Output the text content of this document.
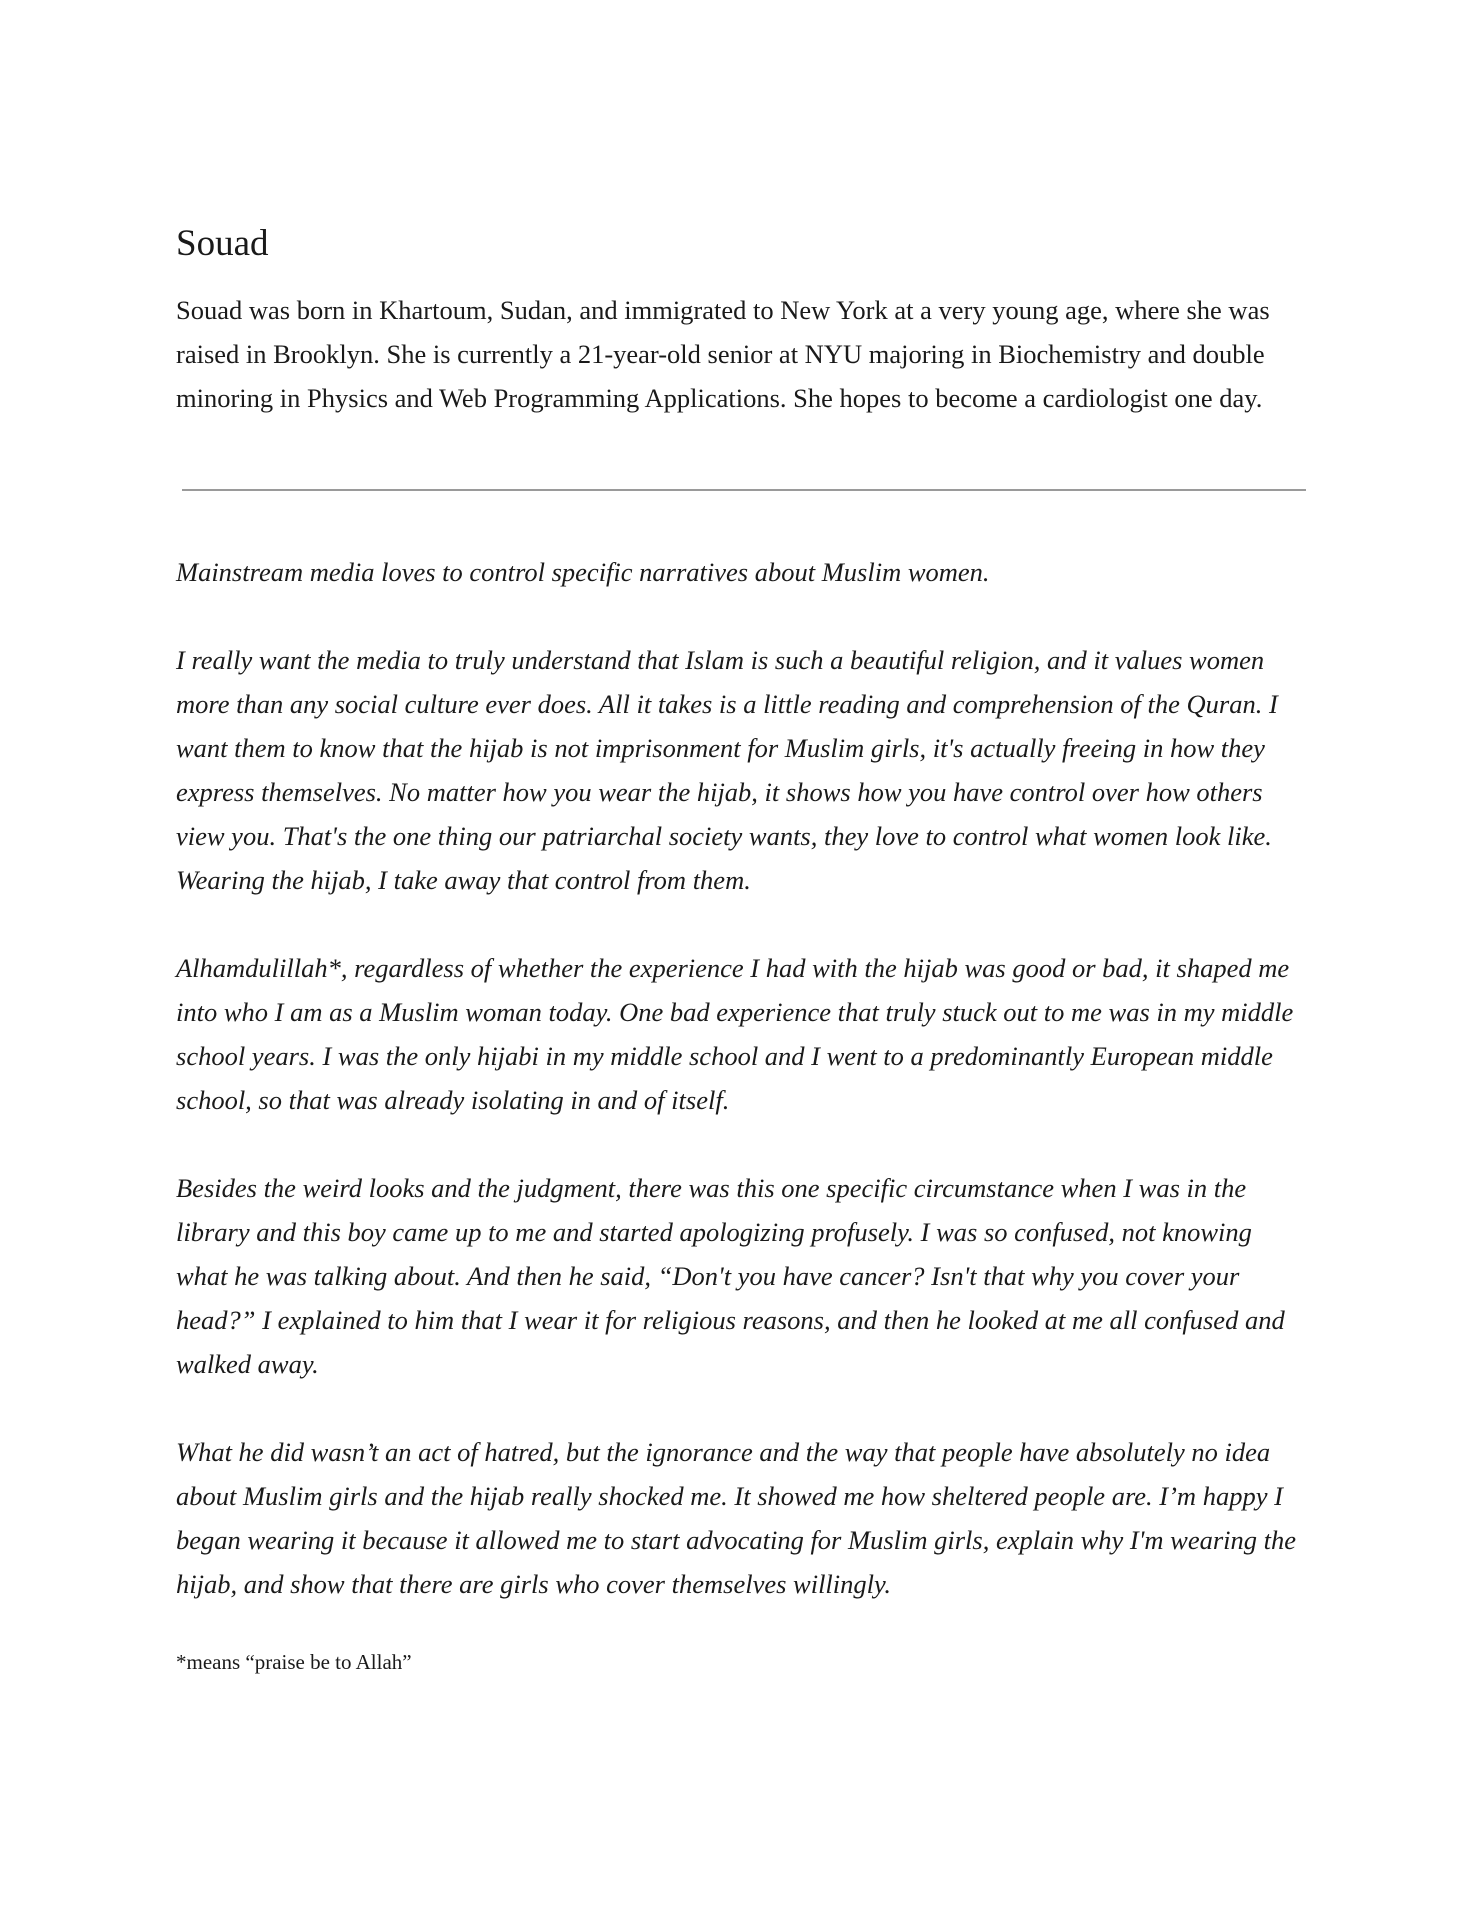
Souad

Souad was born in Khartoum, Sudan, and immigrated to New York at a very young age, where she was raised in Brooklyn. She is currently a 21-year-old senior at NYU majoring in Biochemistry and double minoring in Physics and Web Programming Applications. She hopes to become a cardiologist one day.

Mainstream media loves to control specific narratives about Muslim women.

I really want the media to truly understand that Islam is such a beautiful religion, and it values women more than any social culture ever does. All it takes is a little reading and comprehension of the Quran. I want them to know that the hijab is not imprisonment for Muslim girls, it's actually freeing in how they express themselves. No matter how you wear the hijab, it shows how you have control over how others view you. That's the one thing our patriarchal society wants, they love to control what women look like. Wearing the hijab, I take away that control from them.

Alhamdulillah*, regardless of whether the experience I had with the hijab was good or bad, it shaped me into who I am as a Muslim woman today. One bad experience that truly stuck out to me was in my middle school years. I was the only hijabi in my middle school and I went to a predominantly European middle school, so that was already isolating in and of itself.

Besides the weird looks and the judgment, there was this one specific circumstance when I was in the library and this boy came up to me and started apologizing profusely. I was so confused, not knowing what he was talking about. And then he said, “Don't you have cancer? Isn't that why you cover your head?” I explained to him that I wear it for religious reasons, and then he looked at me all confused and walked away.

What he did wasn’t an act of hatred, but the ignorance and the way that people have absolutely no idea about Muslim girls and the hijab really shocked me. It showed me how sheltered people are. I’m happy I began wearing it because it allowed me to start advocating for Muslim girls, explain why I'm wearing the hijab, and show that there are girls who cover themselves willingly.

*means “praise be to Allah”
